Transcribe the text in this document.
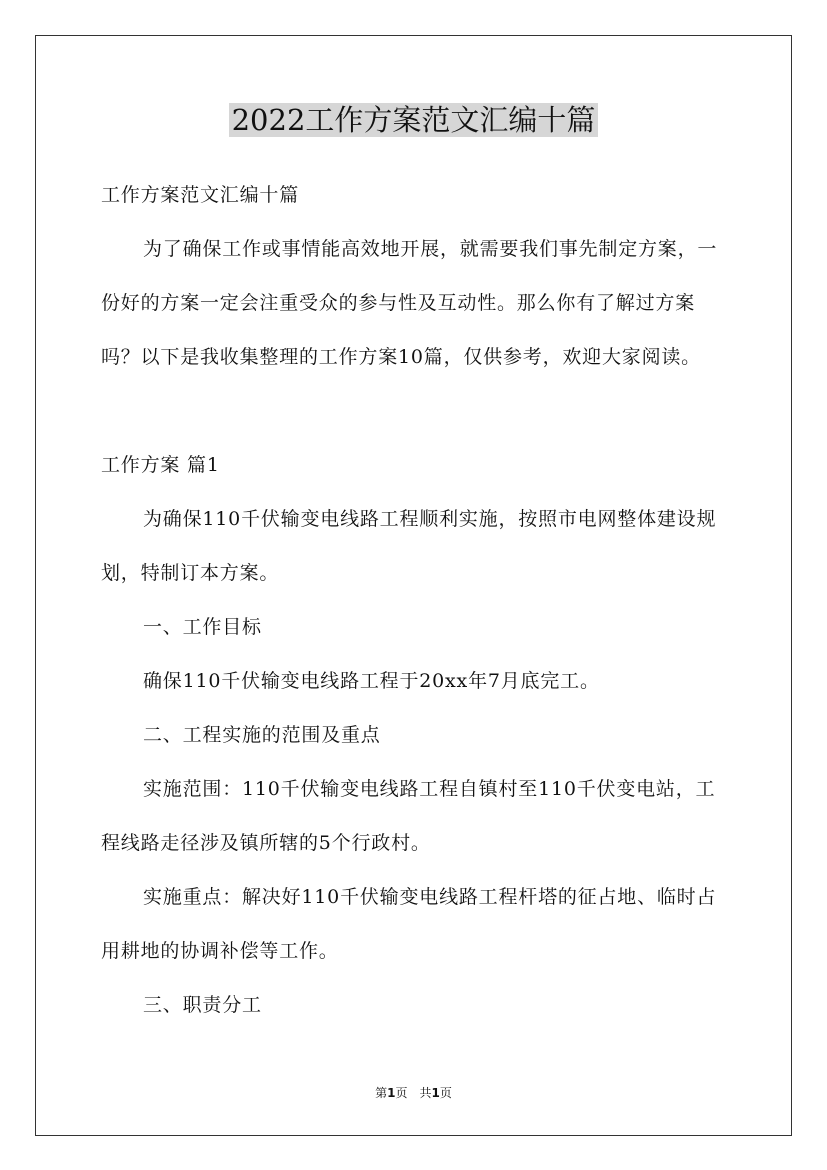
2022工作方案范文汇编十篇

工作方案范文汇编十篇

为了确保工作或事情能高效地开展，就需要我们事先制定方案，一份好的方案一定会注重受众的参与性及互动性。那么你有了解过方案吗？以下是我收集整理的工作方案10篇，仅供参考，欢迎大家阅读。

工作方案 篇1

为确保110千伏输变电线路工程顺利实施，按照市电网整体建设规划，特制订本方案。

一、工作目标

确保110千伏输变电线路工程于20xx年7月底完工。

二、工程实施的范围及重点

实施范围：110千伏输变电线路工程自镇村至110千伏变电站，工程线路走径涉及镇所辖的5个行政村。

实施重点：解决好110千伏输变电线路工程杆塔的征占地、临时占用耕地的协调补偿等工作。

三、职责分工

第1页　共1页
